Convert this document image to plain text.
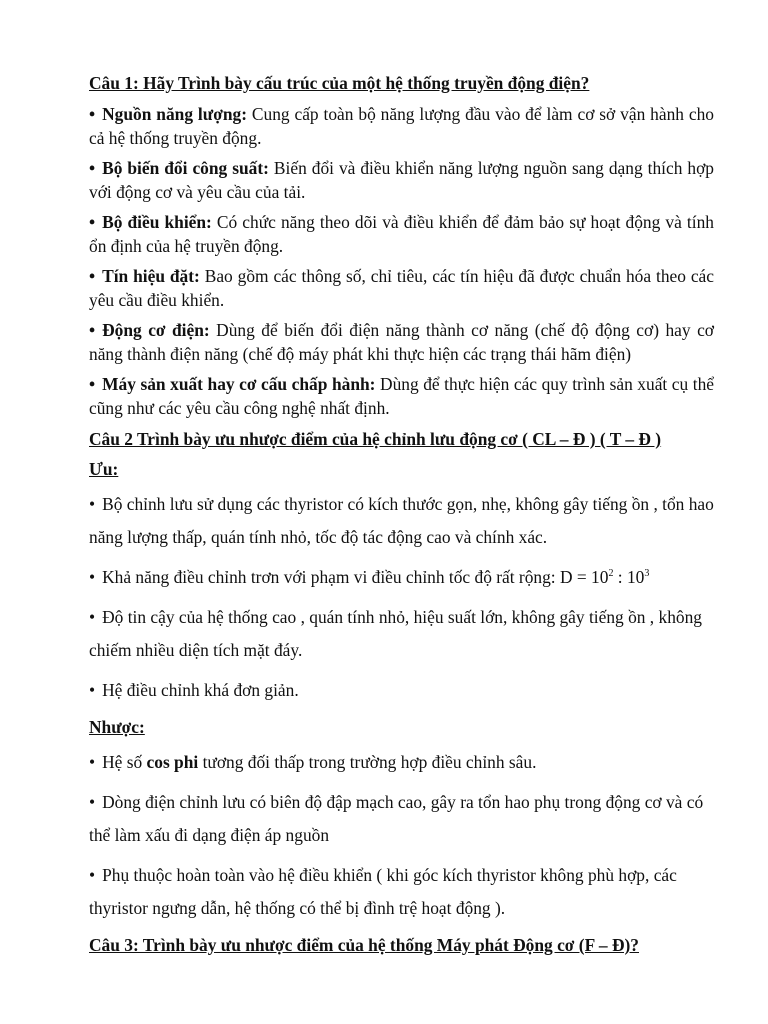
Câu 1: Hãy Trình bày cấu trúc của một hệ thống truyền động điện?

• Nguồn năng lượng: Cung cấp toàn bộ năng lượng đầu vào để làm cơ sở vận hành cho cả hệ thống truyền động.

• Bộ biến đổi công suất: Biến đổi và điều khiển năng lượng nguồn sang dạng thích hợp với động cơ và yêu cầu của tải.

• Bộ điều khiển: Có chức năng theo dõi và điều khiển để đảm bảo sự hoạt động và tính ổn định của hệ truyền động.

• Tín hiệu đặt: Bao gồm các thông số, chỉ tiêu, các tín hiệu đã được chuẩn hóa theo các yêu cầu điều khiển.

• Động cơ điện: Dùng để biến đổi điện năng thành cơ năng (chế độ động cơ) hay cơ năng thành điện năng (chế độ máy phát khi thực hiện các trạng thái hãm điện)

• Máy sản xuất hay cơ cấu chấp hành: Dùng để thực hiện các quy trình sản xuất cụ thể cũng như các yêu cầu công nghệ nhất định.

Câu 2 Trình bày ưu nhược điểm của hệ chỉnh lưu động cơ ( CL – Đ ) ( T – Đ )

Ưu:

• Bộ chỉnh lưu sử dụng các thyristor có kích thước gọn, nhẹ, không gây tiếng ồn , tổn hao năng lượng thấp, quán tính nhỏ, tốc độ tác động cao và chính xác.

• Khả năng điều chỉnh trơn với phạm vi điều chỉnh tốc độ rất rộng: $D = 10^2$ : $10^3$

• Độ tin cậy của hệ thống cao , quán tính nhỏ, hiệu suất lớn, không gây tiếng ồn , không chiếm nhiều diện tích mặt đáy.

• Hệ điều chỉnh khá đơn giản.

Nhược:

• Hệ số cos phi tương đối thấp trong trường hợp điều chỉnh sâu.

• Dòng điện chỉnh lưu có biên độ đập mạch cao, gây ra tổn hao phụ trong động cơ và có thể làm xấu đi dạng điện áp nguồn

• Phụ thuộc hoàn toàn vào hệ điều khiển ( khi góc kích thyristor không phù hợp, các thyristor ngưng dẫn, hệ thống có thể bị đình trệ hoạt động ).

Câu 3: Trình bày ưu nhược điểm của hệ thống Máy phát Động cơ (F – Đ)?
